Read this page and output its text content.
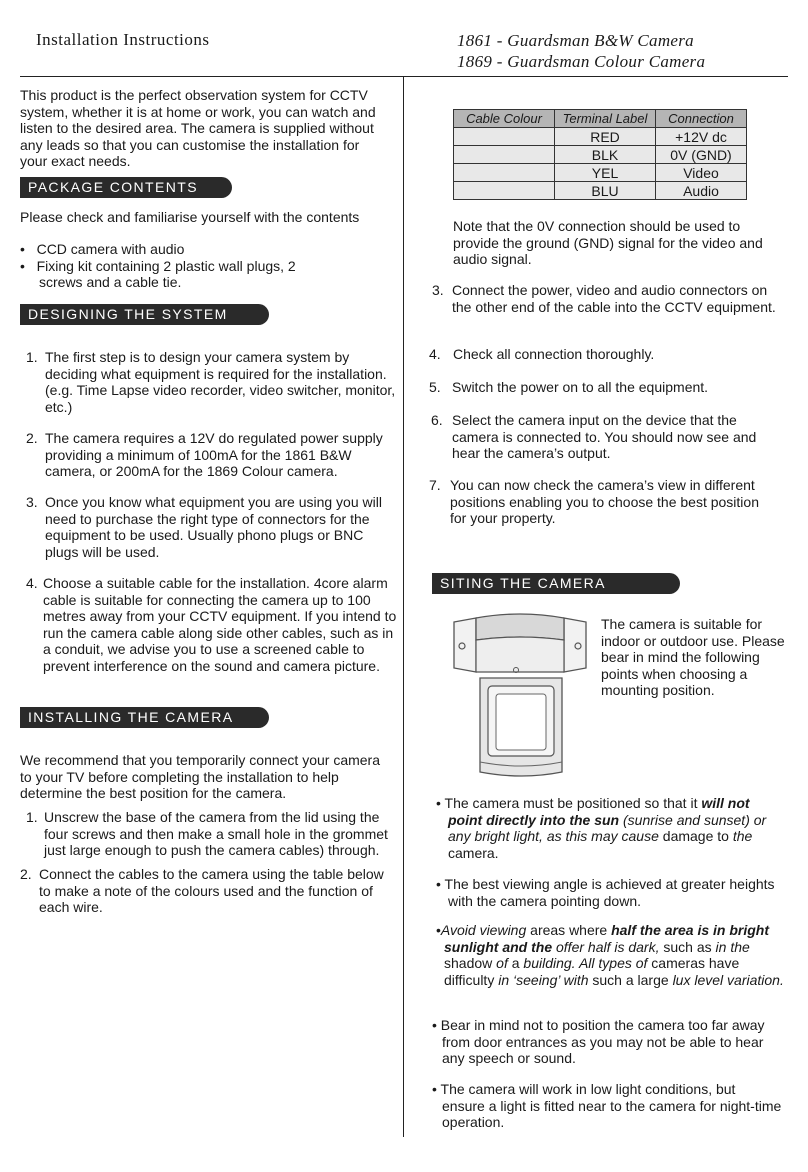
Installation Instructions	1861 - Guardsman B&W Camera
1869 - Guardsman Colour Camera
This product is the perfect observation system for CCTV system, whether it is at home or work, you can watch and listen to the desired area. The camera is supplied without any leads so that you can customise the installation for your exact needs.
PACKAGE CONTENTS
Please check and familiarise yourself with the contents
•   CCD camera with audio
•   Fixing kit containing 2 plastic wall plugs, 2 screws and a cable tie.
DESIGNING THE SYSTEM
1. The first step is to design your camera system by deciding what equipment is required for the installation. (e.g. Time Lapse video recorder, video switcher, monitor, etc.)
2. The camera requires a 12V do regulated power supply providing a minimum of 100mA for the 1861 B&W camera, or 200mA for the 1869 Colour camera.
3. Once you know what equipment you are using you will need to purchase the right type of connectors for the equipment to be used. Usually phono plugs or BNC plugs will be used.
4. Choose a suitable cable for the installation. 4core alarm cable is suitable for connecting the camera up to 100 metres away from your CCTV equipment. If you intend to run the camera cable along side other cables, such as in a conduit, we advise you to use a screened cable to prevent interference on the sound and camera picture.
INSTALLING THE CAMERA
We recommend that you temporarily connect your camera to your TV before completing the installation to help determine the best position for the camera.
1. Unscrew the base of the camera from the lid using the four screws and then make a small hole in the grommet just large enough to push the camera cables) through.
2. Connect the cables to the camera using the table below to make a note of the colours used and the function of each wire.
Cable Colour	Terminal Label	Connection
	RED	+12V dc
	BLK	0V (GND)
	YEL	Video
	BLU	Audio
Note that the 0V connection should be used to provide the ground (GND) signal for the video and audio signal.
3. Connect the power, video and audio connectors on the other end of the cable into the CCTV equipment.
4. Check all connection thoroughly.
5. Switch the power on to all the equipment.
6. Select the camera input on the device that the camera is connected to. You should now see and hear the camera’s output.
7. You can now check the camera’s view in different positions enabling you to choose the best position for your property.
SITING THE CAMERA
The camera is suitable for indoor or outdoor use. Please bear in mind the following points when choosing a mounting position.
• The camera must be positioned so that it will not point directly into the sun (sunrise and sunset) or any bright light, as this may cause damage to the camera.
• The best viewing angle is achieved at greater heights with the camera pointing down.
•Avoid viewing areas where half the area is in bright sunlight and the offer half is dark, such as in the shadow of a building. All types of cameras have difficulty in ‘seeing’ with such a large lux level variation.
• Bear in mind not to position the camera too far away from door entrances as you may not be able to hear any speech or sound.
• The camera will work in low light conditions, but ensure a light is fitted near to the camera for night-time operation.
